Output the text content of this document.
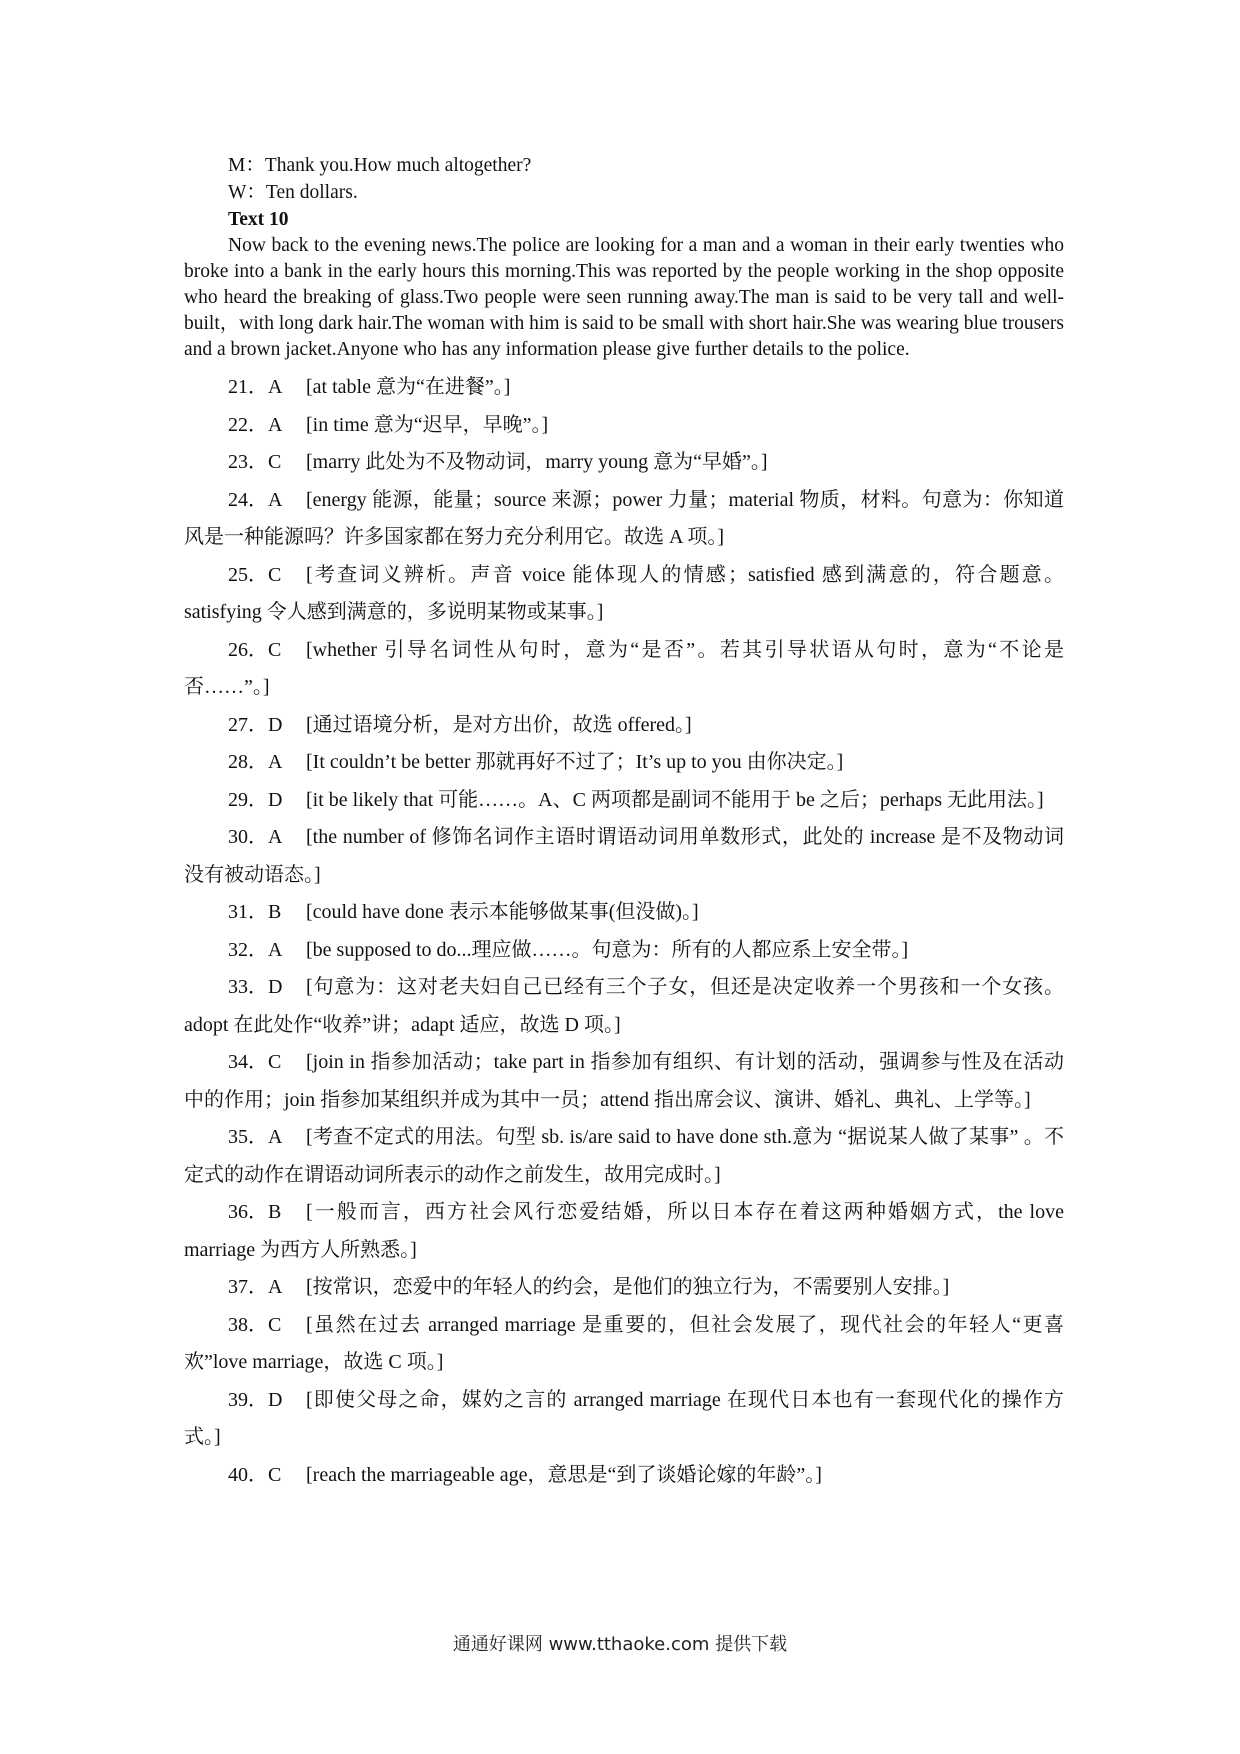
M：Thank you.How much altogether?
W：Ten dollars.
Text 10

Now back to the evening news.The police are looking for a man and a woman in their early twenties who broke into a bank in the early hours this morning.This was reported by the people working in the shop opposite who heard the breaking of glass.Two people were seen running away.The man is said to be very tall and well-built，with long dark hair.The woman with him is said to be small with short hair.She was wearing blue trousers and a brown jacket.Anyone who has any information please give further details to the police.

21．A [at table 意为“在进餐”。]

22．A [in time 意为“迟早，早晚”。]

23．C [marry 此处为不及物动词，marry young 意为“早婚”。]

24．A [energy 能源，能量；source 来源；power 力量；material 物质，材料。句意为：你知道风是一种能源吗？许多国家都在努力充分利用它。故选 A 项。]

25．C [考查词义辨析。声音 voice 能体现人的情感；satisfied 感到满意的，符合题意。satisfying 令人感到满意的，多说明某物或某事。]

26．C [whether 引导名词性从句时，意为“是否”。若其引导状语从句时，意为“不论是否……”。]

27．D [通过语境分析，是对方出价，故选 offered。]

28．A [It couldn’t be better 那就再好不过了；It’s up to you 由你决定。]

29．D [it be likely that 可能……。A、C 两项都是副词不能用于 be 之后；perhaps 无此用法。]

30．A [the number of 修饰名词作主语时谓语动词用单数形式，此处的 increase 是不及物动词没有被动语态。]

31．B [could have done 表示本能够做某事(但没做)。]

32．A [be supposed to do...理应做……。句意为：所有的人都应系上安全带。]

33．D [句意为：这对老夫妇自己已经有三个子女，但还是决定收养一个男孩和一个女孩。adopt 在此处作“收养”讲；adapt 适应，故选 D 项。]

34．C [join in 指参加活动；take part in 指参加有组织、有计划的活动，强调参与性及在活动中的作用；join 指参加某组织并成为其中一员；attend 指出席会议、演讲、婚礼、典礼、上学等。]

35．A [考查不定式的用法。句型 sb. is/are said to have done sth.意为 “据说某人做了某事” 。不定式的动作在谓语动词所表示的动作之前发生，故用完成时。]

36．B [一般而言，西方社会风行恋爱结婚，所以日本存在着这两种婚姻方式，the love marriage 为西方人所熟悉。]

37．A [按常识，恋爱中的年轻人的约会，是他们的独立行为，不需要别人安排。]

38．C [虽然在过去 arranged marriage 是重要的，但社会发展了，现代社会的年轻人“更喜欢”love marriage，故选 C 项。]

39．D [即使父母之命，媒妁之言的 arranged marriage 在现代日本也有一套现代化的操作方式。]

40．C [reach the marriageable age，意思是“到了谈婚论嫁的年龄”。]

通通好课网 www.tthaoke.com 提供下载
